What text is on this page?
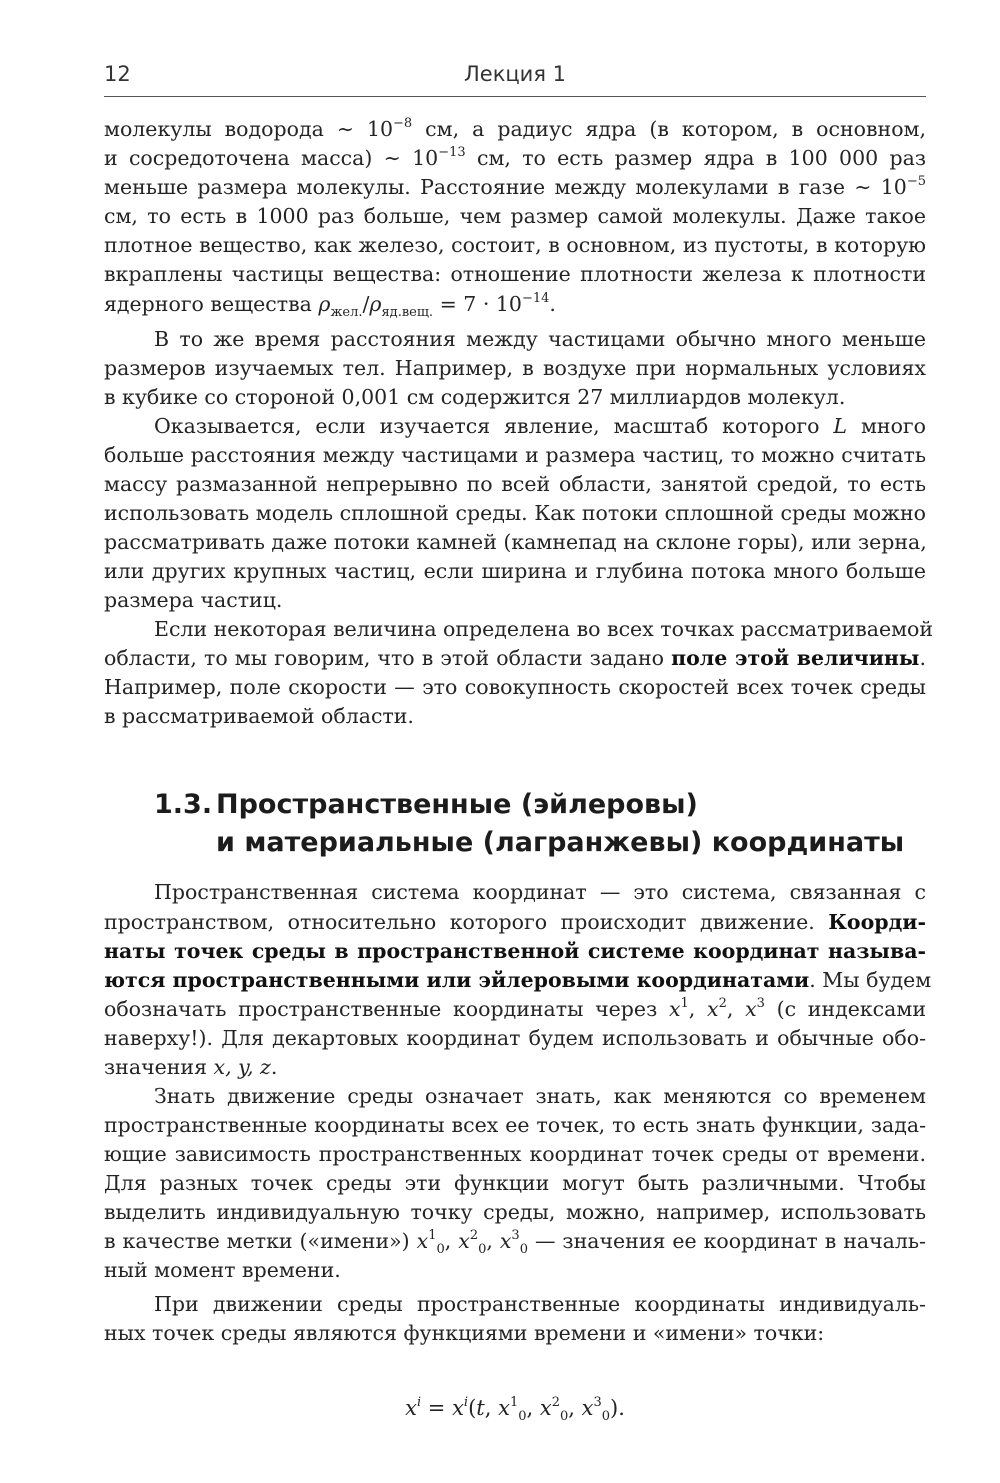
12	Лекция 1
молекулы водорода ∼ $10^{-8}$ см, а радиус ядра (в котором, в основном,
и сосредоточена масса) ∼ $10^{-13}$ см, то есть размер ядра в 100 000 раз
меньше размера молекулы. Расстояние между молекулами в газе ∼ $10^{-5}$
см, то есть в 1000 раз больше, чем размер самой молекулы. Даже такое
плотное вещество, как железо, состоит, в основном, из пустоты, в которую
вкраплены частицы вещества: отношение плотности железа к плотности
ядерного вещества $\rho_{жел.}/\rho_{яд.вещ.} = 7 \cdot 10^{-14}$.
В то же время расстояния между частицами обычно много меньше
размеров изучаемых тел. Например, в воздухе при нормальных условиях
в кубике со стороной 0,001 см содержится 27 миллиардов молекул.
Оказывается, если изучается явление, масштаб которого L много
больше расстояния между частицами и размера частиц, то можно считать
массу размазанной непрерывно по всей области, занятой средой, то есть
использовать модель сплошной среды. Как потоки сплошной среды можно
рассматривать даже потоки камней (камнепад на склоне горы), или зерна,
или других крупных частиц, если ширина и глубина потока много больше
размера частиц.
Если некоторая величина определена во всех точках рассматриваемой
области, то мы говорим, что в этой области задано поле этой величины.
Например, поле скорости — это совокупность скоростей всех точек среды
в рассматриваемой области.
1.3. Пространственные (эйлеровы)
и материальные (лагранжевы) координаты
Пространственная система координат — это система, связанная с
пространством, относительно которого происходит движение. Коорди-
наты точек среды в пространственной системе координат называ-
ются пространственными или эйлеровыми координатами. Мы будем
обозначать пространственные координаты через $x^1$, $x^2$, $x^3$ (с индексами
наверху!). Для декартовых координат будем использовать и обычные обо-
значения x, y, z.
Знать движение среды означает знать, как меняются со временем
пространственные координаты всех ее точек, то есть знать функции, зада-
ющие зависимость пространственных координат точек среды от времени.
Для разных точек среды эти функции могут быть различными. Чтобы
выделить индивидуальную точку среды, можно, например, использовать
в качестве метки («имени») $x^1_0$, $x^2_0$, $x^3_0$ — значения ее координат в началь-
ный момент времени.
При движении среды пространственные координаты индивидуаль-
ных точек среды являются функциями времени и «имени» точки:
$x^i = x^i(t$, $x^1_0$, $x^2_0$, $x^3_0$).
